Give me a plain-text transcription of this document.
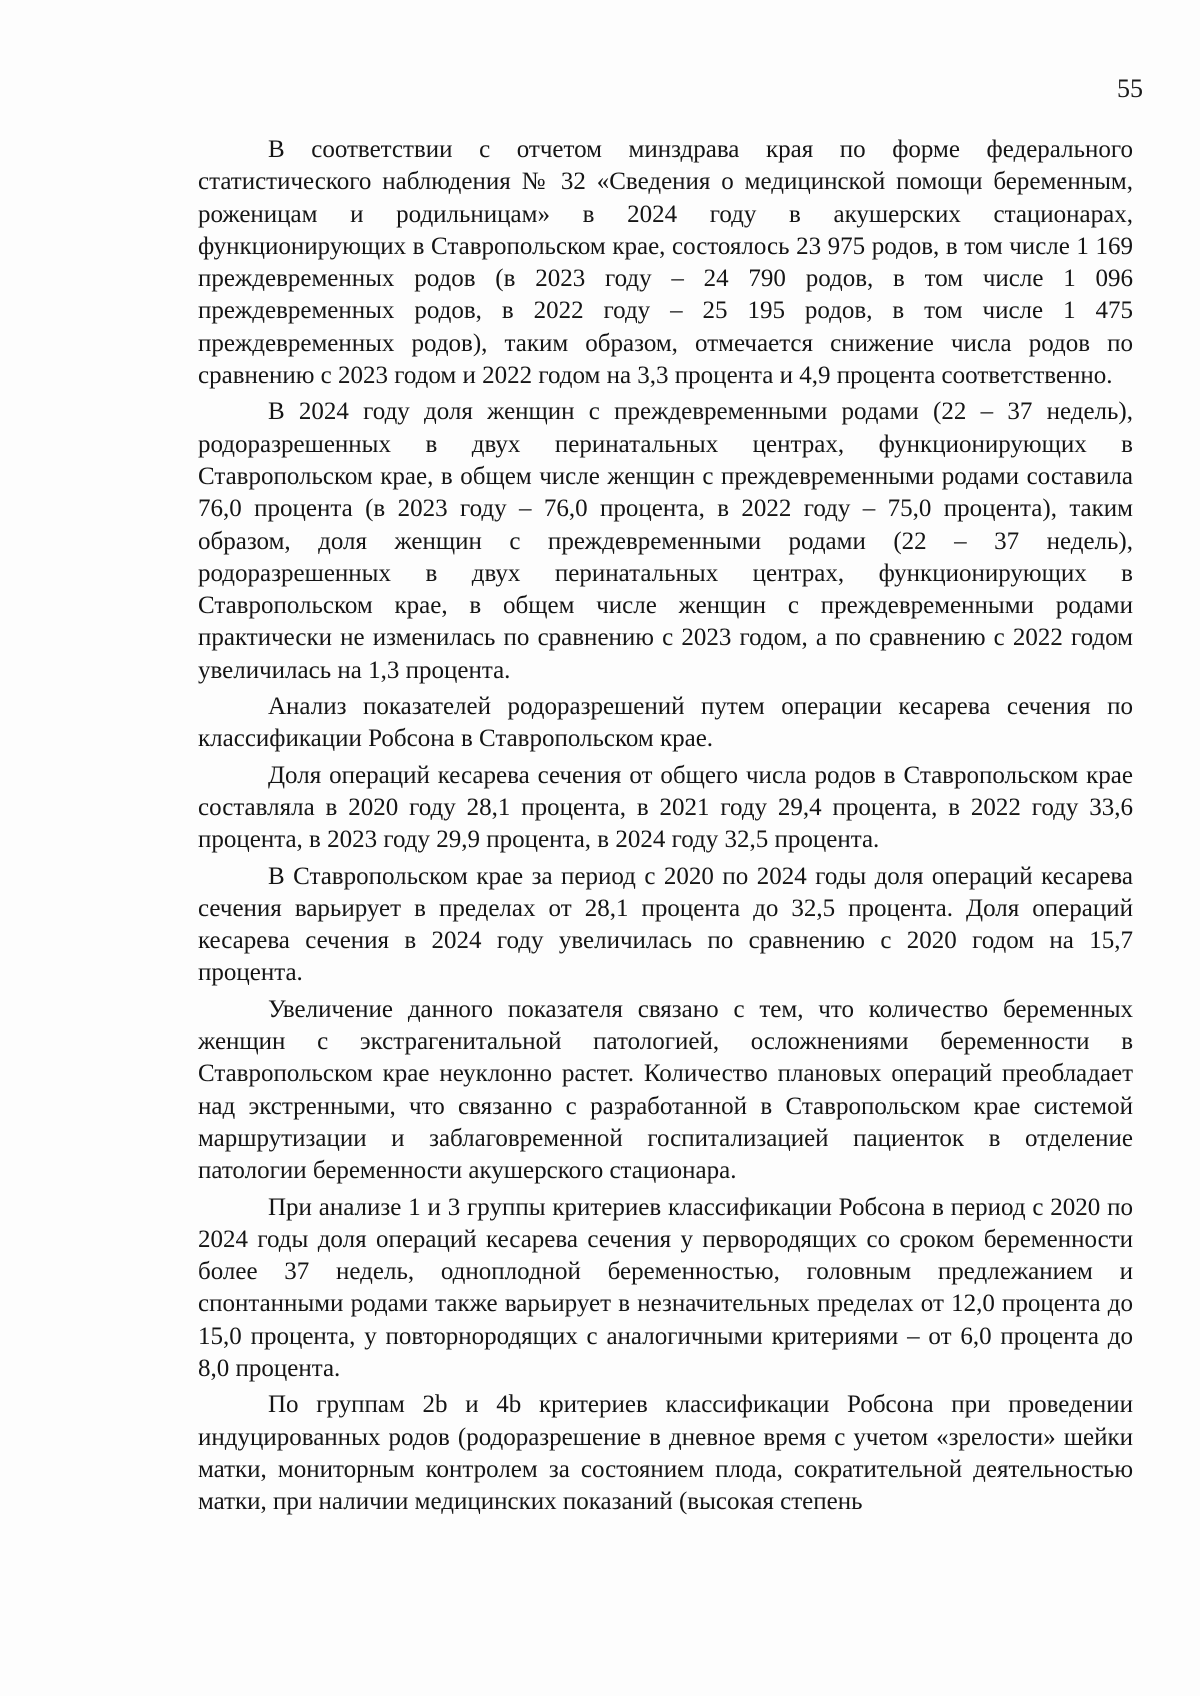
55

В соответствии с отчетом минздрава края по форме федерального статистического наблюдения № 32 «Сведения о медицинской помощи беременным, роженицам и родильницам» в 2024 году в акушерских стационарах, функционирующих в Ставропольском крае, состоялось 23 975 родов, в том числе 1 169 преждевременных родов (в 2023 году – 24 790 родов, в том числе 1 096 преждевременных родов, в 2022 году – 25 195 родов, в том числе 1 475 преждевременных родов), таким образом, отмечается снижение числа родов по сравнению с 2023 годом и 2022 годом на 3,3 процента и 4,9 процента соответственно.

В 2024 году доля женщин с преждевременными родами (22 – 37 недель), родоразрешенных в двух перинатальных центрах, функционирующих в Ставропольском крае, в общем числе женщин с преждевременными родами составила 76,0 процента (в 2023 году – 76,0 процента, в 2022 году – 75,0 процента), таким образом, доля женщин с преждевременными родами (22 – 37 недель), родоразрешенных в двух перинатальных центрах, функционирующих в Ставропольском крае, в общем числе женщин с преждевременными родами практически не изменилась по сравнению с 2023 годом, а по сравнению с 2022 годом увеличилась на 1,3 процента.

Анализ показателей родоразрешений путем операции кесарева сечения по классификации Робсона в Ставропольском крае.

Доля операций кесарева сечения от общего числа родов в Ставропольском крае составляла в 2020 году 28,1 процента, в 2021 году 29,4 процента, в 2022 году 33,6 процента, в 2023 году 29,9 процента, в 2024 году 32,5 процента.

В Ставропольском крае за период с 2020 по 2024 годы доля операций кесарева сечения варьирует в пределах от 28,1 процента до 32,5 процента. Доля операций кесарева сечения в 2024 году увеличилась по сравнению с 2020 годом на 15,7 процента.

Увеличение данного показателя связано с тем, что количество беременных женщин с экстрагенитальной патологией, осложнениями беременности в Ставропольском крае неуклонно растет. Количество плановых операций преобладает над экстренными, что связанно с разработанной в Ставропольском крае системой маршрутизации и заблаговременной госпитализацией пациенток в отделение патологии беременности акушерского стационара.

При анализе 1 и 3 группы критериев классификации Робсона в период с 2020 по 2024 годы доля операций кесарева сечения у первородящих со сроком беременности более 37 недель, одноплодной беременностью, головным предлежанием и спонтанными родами также варьирует в незначительных пределах от 12,0 процента до 15,0 процента, у повторнородящих с аналогичными критериями – от 6,0 процента до 8,0 процента.

По группам 2b и 4b критериев классификации Робсона при проведении индуцированных родов (родоразрешение в дневное время с учетом «зрелости» шейки матки, мониторным контролем за состоянием плода, сократительной деятельностью матки, при наличии медицинских показаний (высокая степень
